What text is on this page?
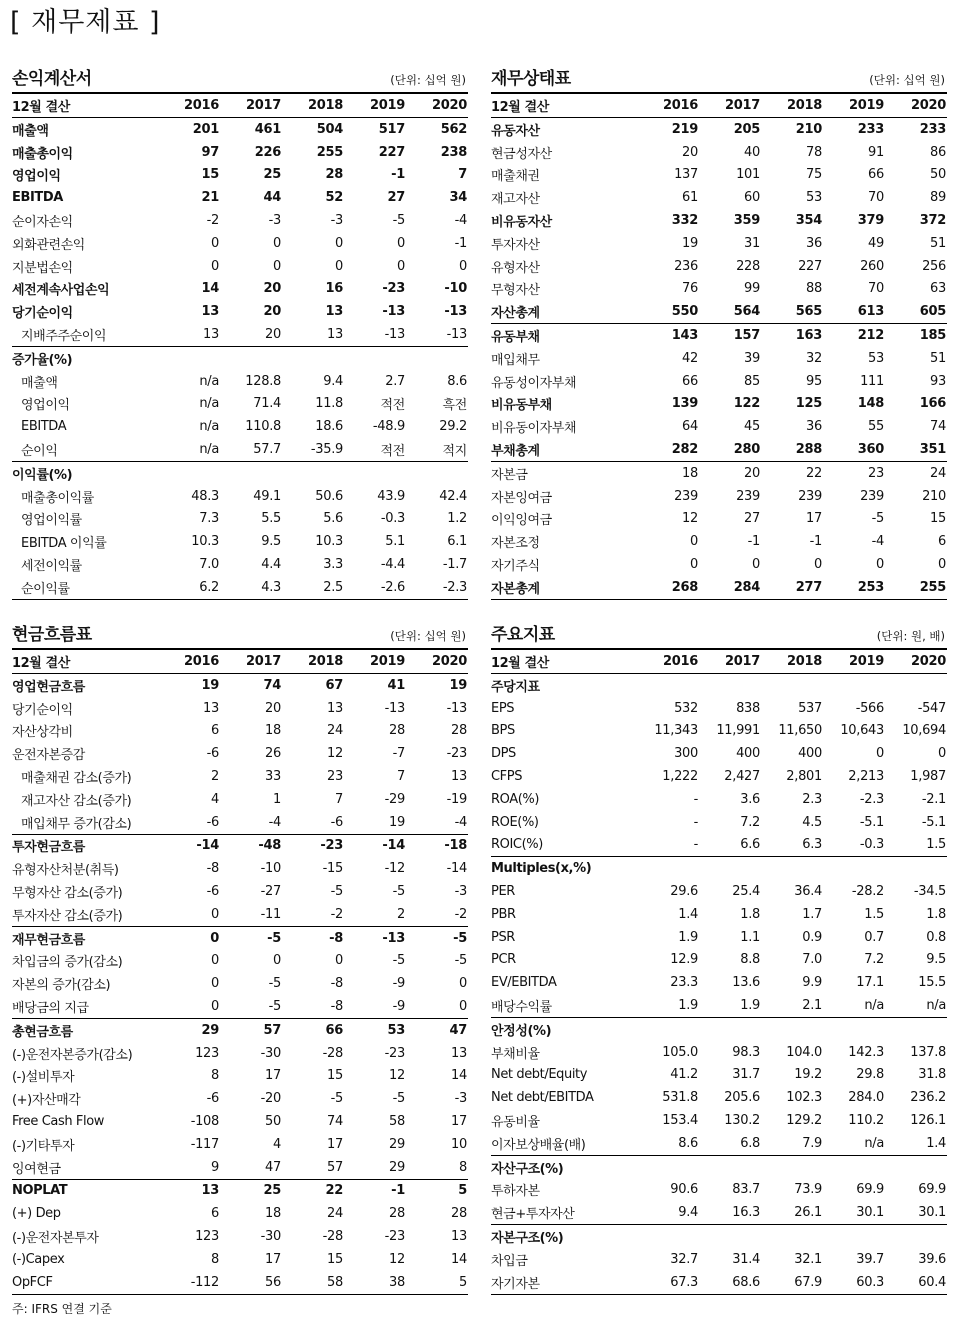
[ 재무제표 ]
손익계산서	(단위: 십억 원)
12월 결산	2016	2017	2018	2019	2020
매출액	201	461	504	517	562
매출총이익	97	226	255	227	238
영업이익	15	25	28	-1	7
EBITDA	21	44	52	27	34
순이자손익	-2	-3	-3	-5	-4
외화관련손익	0	0	0	0	-1
지분법손익	0	0	0	0	0
세전계속사업손익	14	20	16	-23	-10
당기순이익	13	20	13	-13	-13
지배주주순이익	13	20	13	-13	-13
증가율(%)
매출액	n/a	128.8	9.4	2.7	8.6
영업이익	n/a	71.4	11.8	적전	흑전
EBITDA	n/a	110.8	18.6	-48.9	29.2
순이익	n/a	57.7	-35.9	적전	적지
이익률(%)
매출총이익률	48.3	49.1	50.6	43.9	42.4
영업이익률	7.3	5.5	5.6	-0.3	1.2
EBITDA 이익률	10.3	9.5	10.3	5.1	6.1
세전이익률	7.0	4.4	3.3	-4.4	-1.7
순이익률	6.2	4.3	2.5	-2.6	-2.3
재무상태표	(단위: 십억 원)
12월 결산	2016	2017	2018	2019	2020
유동자산	219	205	210	233	233
현금성자산	20	40	78	91	86
매출채권	137	101	75	66	50
재고자산	61	60	53	70	89
비유동자산	332	359	354	379	372
투자자산	19	31	36	49	51
유형자산	236	228	227	260	256
무형자산	76	99	88	70	63
자산총계	550	564	565	613	605
유동부채	143	157	163	212	185
매입채무	42	39	32	53	51
유동성이자부채	66	85	95	111	93
비유동부채	139	122	125	148	166
비유동이자부채	64	45	36	55	74
부채총계	282	280	288	360	351
자본금	18	20	22	23	24
자본잉여금	239	239	239	239	210
이익잉여금	12	27	17	-5	15
자본조정	0	-1	-1	-4	6
자기주식	0	0	0	0	0
자본총계	268	284	277	253	255
현금흐름표	(단위: 십억 원)
12월 결산	2016	2017	2018	2019	2020
영업현금흐름	19	74	67	41	19
당기순이익	13	20	13	-13	-13
자산상각비	6	18	24	28	28
운전자본증감	-6	26	12	-7	-23
매출채권 감소(증가)	2	33	23	7	13
재고자산 감소(증가)	4	1	7	-29	-19
매입채무 증가(감소)	-6	-4	-6	19	-4
투자현금흐름	-14	-48	-23	-14	-18
유형자산처분(취득)	-8	-10	-15	-12	-14
무형자산 감소(증가)	-6	-27	-5	-5	-3
투자자산 감소(증가)	0	-11	-2	2	-2
재무현금흐름	0	-5	-8	-13	-5
차입금의 증가(감소)	0	0	0	-5	-5
자본의 증가(감소)	0	-5	-8	-9	0
배당금의 지급	0	-5	-8	-9	0
총현금흐름	29	57	66	53	47
(-)운전자본증가(감소)	123	-30	-28	-23	13
(-)설비투자	8	17	15	12	14
(+)자산매각	-6	-20	-5	-5	-3
Free Cash Flow	-108	50	74	58	17
(-)기타투자	-117	4	17	29	10
잉여현금	9	47	57	29	8
NOPLAT	13	25	22	-1	5
(+) Dep	6	18	24	28	28
(-)운전자본투자	123	-30	-28	-23	13
(-)Capex	8	17	15	12	14
OpFCF	-112	56	58	38	5
주요지표	(단위: 원, 배)
12월 결산	2016	2017	2018	2019	2020
주당지표
EPS	532	838	537	-566	-547
BPS	11,343	11,991	11,650	10,643	10,694
DPS	300	400	400	0	0
CFPS	1,222	2,427	2,801	2,213	1,987
ROA(%)	-	3.6	2.3	-2.3	-2.1
ROE(%)	-	7.2	4.5	-5.1	-5.1
ROIC(%)	-	6.6	6.3	-0.3	1.5
Multiples(x,%)
PER	29.6	25.4	36.4	-28.2	-34.5
PBR	1.4	1.8	1.7	1.5	1.8
PSR	1.9	1.1	0.9	0.7	0.8
PCR	12.9	8.8	7.0	7.2	9.5
EV/EBITDA	23.3	13.6	9.9	17.1	15.5
배당수익률	1.9	1.9	2.1	n/a	n/a
안정성(%)
부채비율	105.0	98.3	104.0	142.3	137.8
Net debt/Equity	41.2	31.7	19.2	29.8	31.8
Net debt/EBITDA	531.8	205.6	102.3	284.0	236.2
유동비율	153.4	130.2	129.2	110.2	126.1
이자보상배율(배)	8.6	6.8	7.9	n/a	1.4
자산구조(%)
투하자본	90.6	83.7	73.9	69.9	69.9
현금+투자자산	9.4	16.3	26.1	30.1	30.1
자본구조(%)
차입금	32.7	31.4	32.1	39.7	39.6
자기자본	67.3	68.6	67.9	60.3	60.4
주: IFRS 연결 기준
